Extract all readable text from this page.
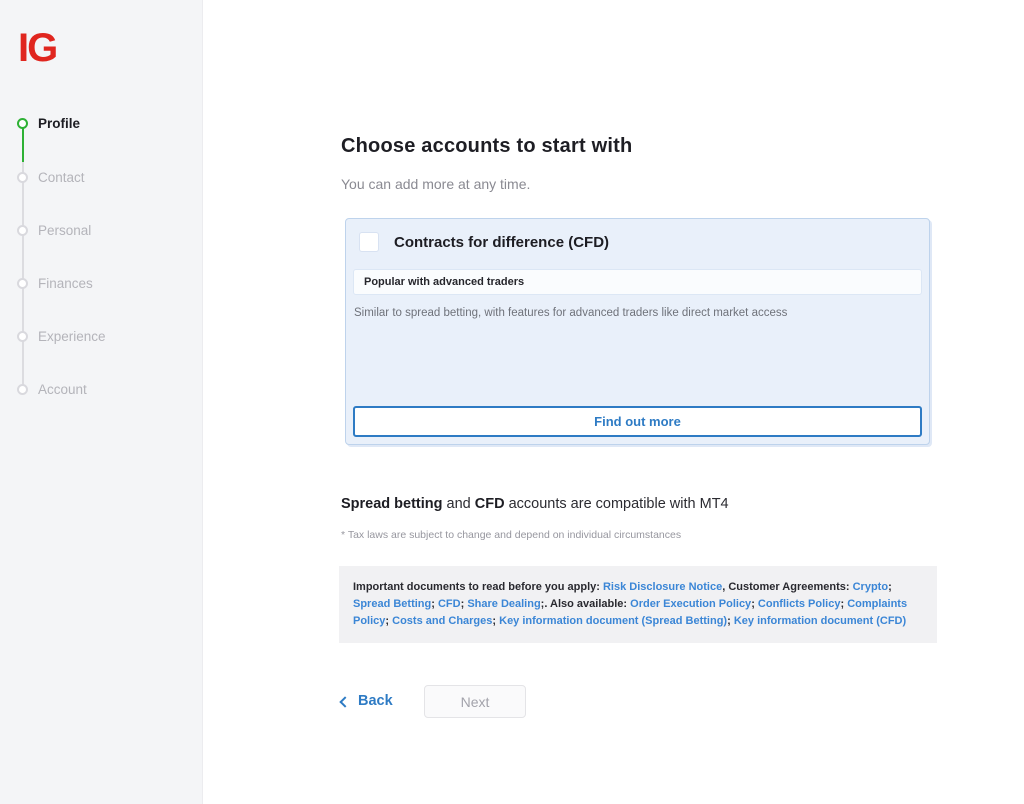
IG
Profile
Contact
Personal
Finances
Experience
Account
Choose accounts to start with
You can add more at any time.
Contracts for difference (CFD)
Popular with advanced traders
Similar to spread betting, with features for advanced traders like direct market access
Find out more
Spread betting and CFD accounts are compatible with MT4
* Tax laws are subject to change and depend on individual circumstances
Important documents to read before you apply: Risk Disclosure Notice, Customer Agreements: Crypto; Spread Betting; CFD; Share Dealing;. Also available: Order Execution Policy; Conflicts Policy; Complaints Policy; Costs and Charges; Key information document (Spread Betting); Key information document (CFD)
Back	Next
